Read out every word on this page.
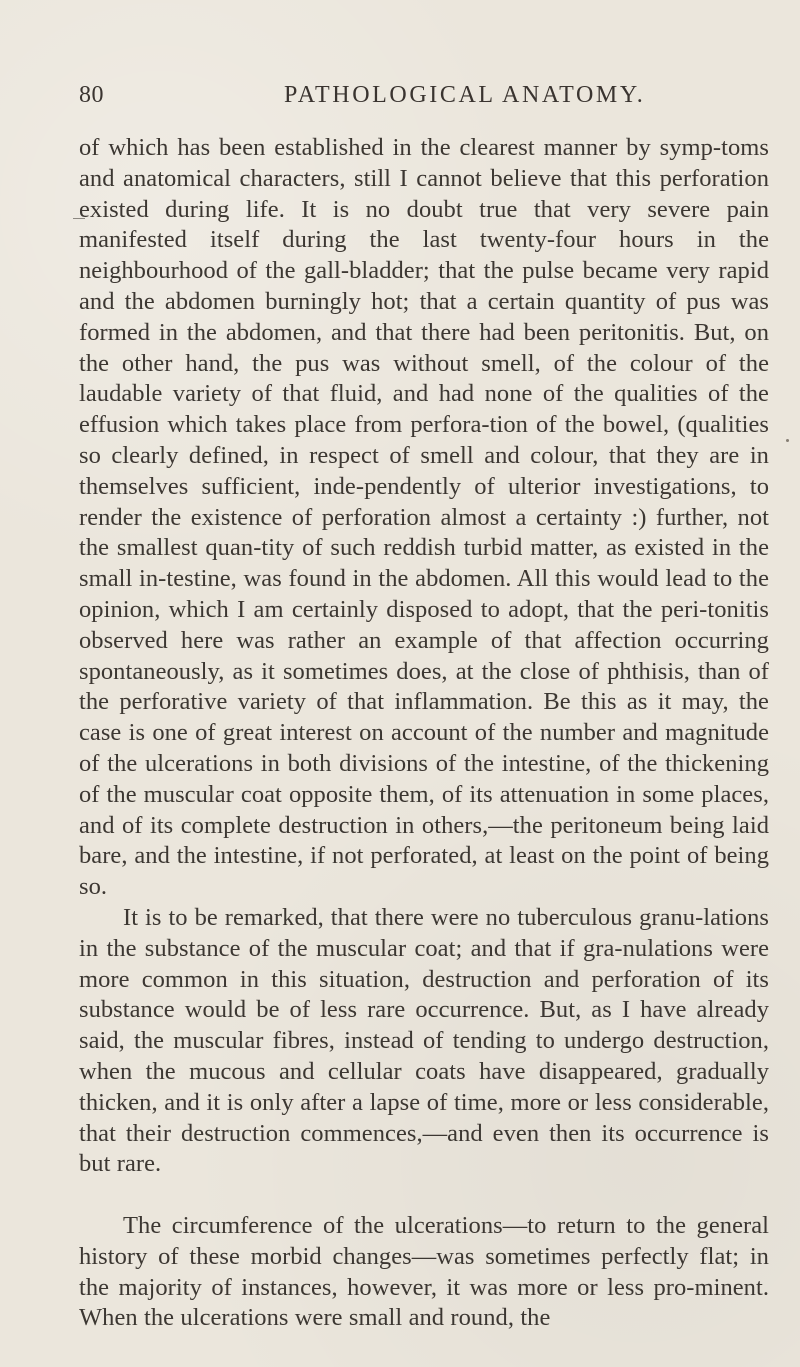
80	PATHOLOGICAL ANATOMY.

of which has been established in the clearest manner by symp-toms and anatomical characters, still I cannot believe that this perforation existed during life. It is no doubt true that very severe pain manifested itself during the last twenty-four hours in the neighbourhood of the gall-bladder; that the pulse became very rapid and the abdomen burningly hot; that a certain quantity of pus was formed in the abdomen, and that there had been peritonitis. But, on the other hand, the pus was without smell, of the colour of the laudable variety of that fluid, and had none of the qualities of the effusion which takes place from perfora-tion of the bowel, (qualities so clearly defined, in respect of smell and colour, that they are in themselves sufficient, inde-pendently of ulterior investigations, to render the existence of perforation almost a certainty :) further, not the smallest quan-tity of such reddish turbid matter, as existed in the small in-testine, was found in the abdomen. All this would lead to the opinion, which I am certainly disposed to adopt, that the peri-tonitis observed here was rather an example of that affection occurring spontaneously, as it sometimes does, at the close of phthisis, than of the perforative variety of that inflammation. Be this as it may, the case is one of great interest on account of the number and magnitude of the ulcerations in both divisions of the intestine, of the thickening of the muscular coat opposite them, of its attenuation in some places, and of its complete destruction in others,—the peritoneum being laid bare, and the intestine, if not perforated, at least on the point of being so.

It is to be remarked, that there were no tuberculous granu-lations in the substance of the muscular coat; and that if gra-nulations were more common in this situation, destruction and perforation of its substance would be of less rare occurrence. But, as I have already said, the muscular fibres, instead of tending to undergo destruction, when the mucous and cellular coats have disappeared, gradually thicken, and it is only after a lapse of time, more or less considerable, that their destruction commences,—and even then its occurrence is but rare.

The circumference of the ulcerations—to return to the general history of these morbid changes—was sometimes perfectly flat; in the majority of instances, however, it was more or less pro-minent. When the ulcerations were small and round, the
